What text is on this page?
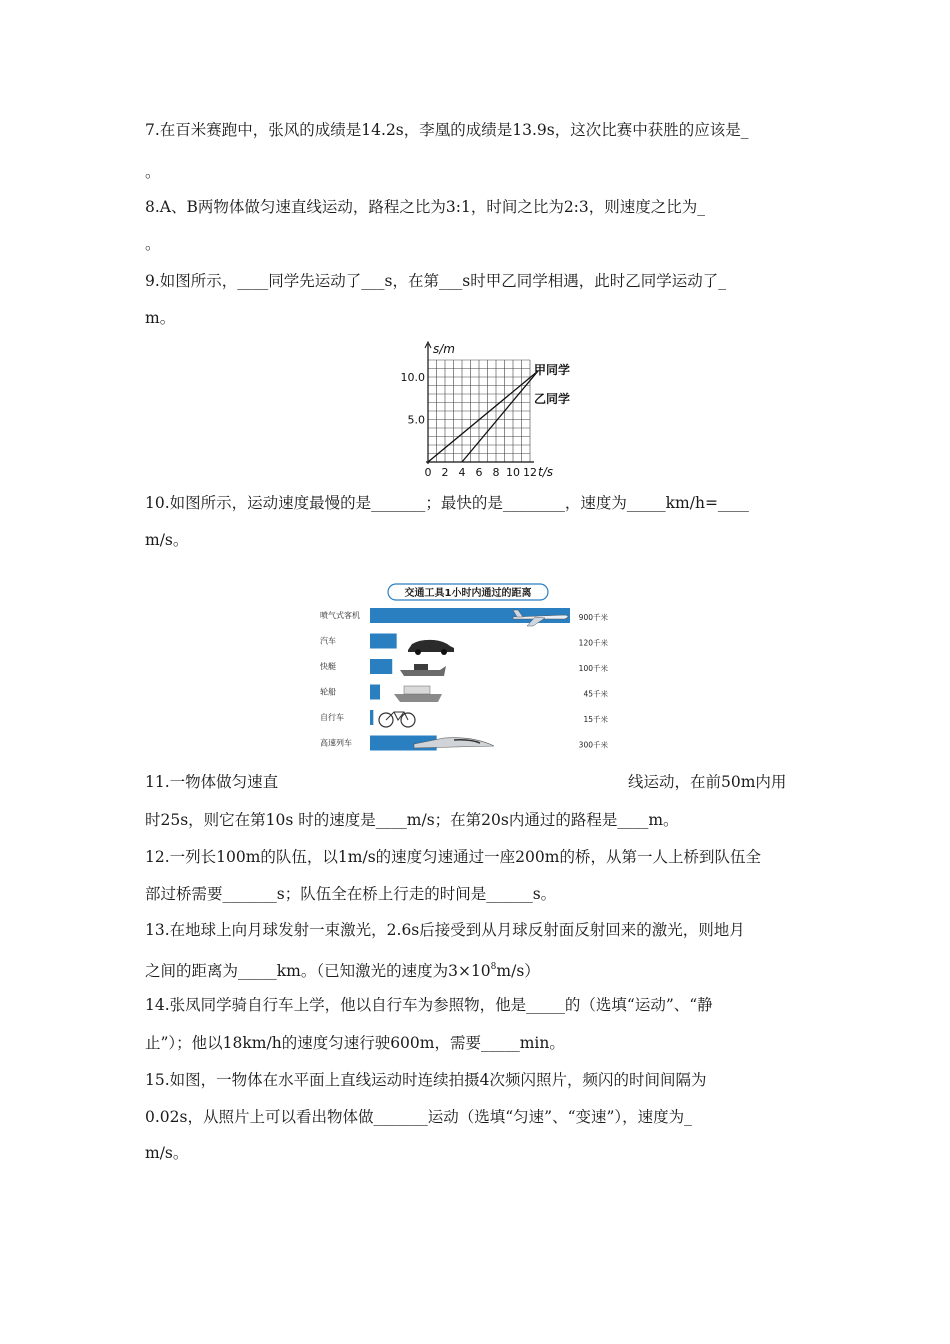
7.在百米赛跑中，张风的成绩是14.2s，李凰的成绩是13.9s，这次比赛中获胜的应该是_
。
8.A、B两物体做匀速直线运动，路程之比为3:1，时间之比为2:3，则速度之比为_
。
9.如图所示，____同学先运动了___s，在第___s时甲乙同学相遇，此时乙同学运动了_
m。
s/m
t/s
0 2 4 6 8 10 12
5.0
10.0
甲同学
乙同学
10.如图所示，运动速度最慢的是_______；最快的是________，速度为_____km/h=____
m/s。
交通工具1小时内通过的距离
喷气式客机	900千米
汽车	120千米
快艇	100千米
轮船	45千米
自行车	15千米
高速列车	300千米
11.一物体做匀速直	线运动，在前50m内用
时25s，则它在第10s 时的速度是____m/s；在第20s内通过的路程是____m。
12.一列长100m的队伍，以1m/s的速度匀速通过一座200m的桥，从第一人上桥到队伍全
部过桥需要_______s；队伍全在桥上行走的时间是______s。
13.在地球上向月球发射一束激光，2.6s后接受到从月球反射面反射回来的激光，则地月
之间的距离为_____km。（已知激光的速度为$3\times 10^8m/s$）
14.张凤同学骑自行车上学，他以自行车为参照物，他是_____的（选填“运动”、“静
止”）；他以18km/h的速度匀速行驶600m，需要_____min。
15.如图，一物体在水平面上直线运动时连续拍摄4次频闪照片，频闪的时间间隔为
0.02s，从照片上可以看出物体做_______运动（选填“匀速”、“变速”），速度为_
m/s。
